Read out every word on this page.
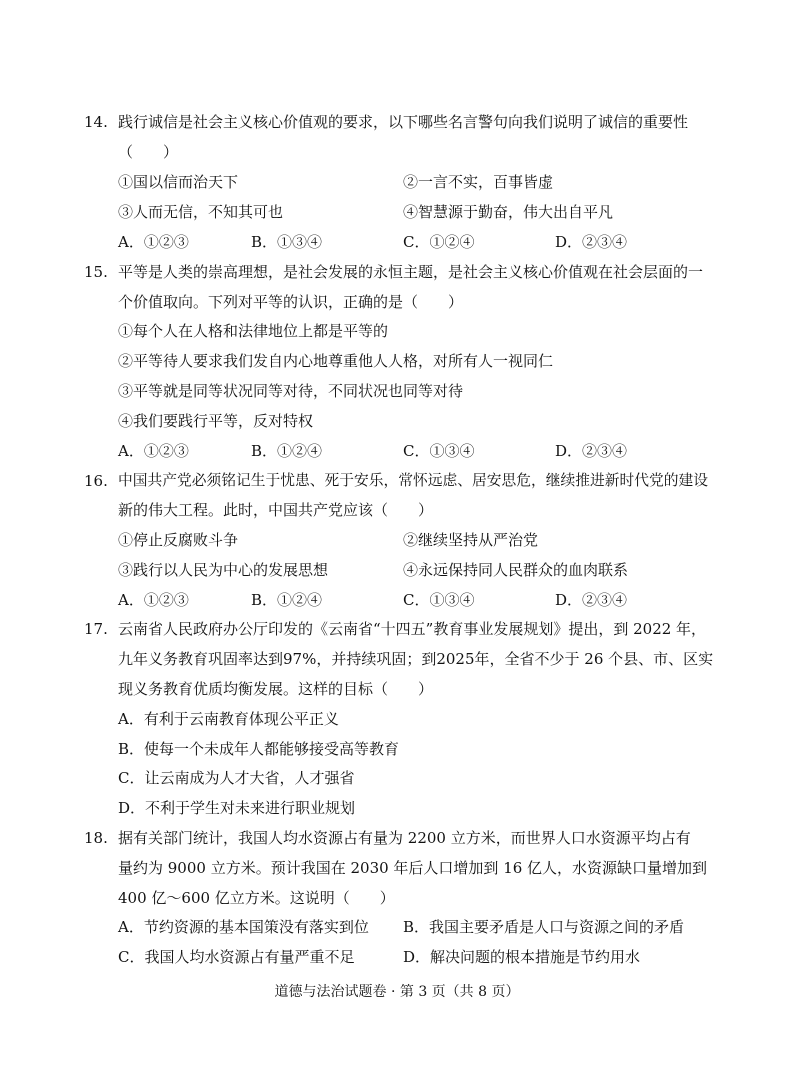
14. 践行诚信是社会主义核心价值观的要求，以下哪些名言警句向我们说明了诚信的重要性
（　　）
①国以信而治天下	②一言不实，百事皆虚
③人而无信，不知其可也	④智慧源于勤奋，伟大出自平凡
A．①②③	B．①③④	C．①②④	D．②③④
15. 平等是人类的崇高理想，是社会发展的永恒主题，是社会主义核心价值观在社会层面的一
个价值取向。下列对平等的认识，正确的是（　　）
①每个人在人格和法律地位上都是平等的
②平等待人要求我们发自内心地尊重他人人格，对所有人一视同仁
③平等就是同等状况同等对待，不同状况也同等对待
④我们要践行平等，反对特权
A．①②③	B．①②④	C．①③④	D．②③④
16. 中国共产党必须铭记生于忧患、死于安乐，常怀远虑、居安思危，继续推进新时代党的建设
新的伟大工程。此时，中国共产党应该（　　）
①停止反腐败斗争	②继续坚持从严治党
③践行以人民为中心的发展思想	④永远保持同人民群众的血肉联系
A．①②③	B．①②④	C．①③④	D．②③④
17. 云南省人民政府办公厅印发的《云南省“十四五”教育事业发展规划》提出，到 2022 年，
九年义务教育巩固率达到97%，并持续巩固；到2025年，全省不少于 26 个县、市、区实
现义务教育优质均衡发展。这样的目标（　　）
A．有利于云南教育体现公平正义
B．使每一个未成年人都能够接受高等教育
C．让云南成为人才大省，人才强省
D．不利于学生对未来进行职业规划
18. 据有关部门统计，我国人均水资源占有量为 2200 立方米，而世界人口水资源平均占有
量约为 9000 立方米。预计我国在 2030 年后人口增加到 16 亿人，水资源缺口量增加到
400 亿～600 亿立方米。这说明（　　）
A．节约资源的基本国策没有落实到位 B．我国主要矛盾是人口与资源之间的矛盾
C．我国人均水资源占有量严重不足	D．解决问题的根本措施是节约用水
道德与法治试题卷 · 第 3 页（共 8 页）
